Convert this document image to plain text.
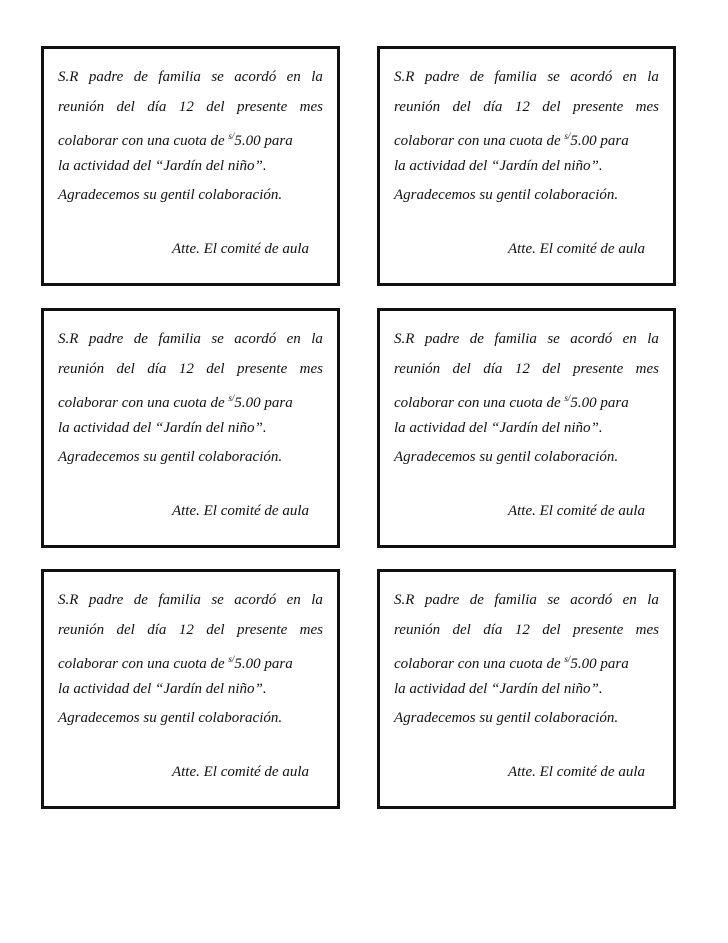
S.R padre de familia se acordó en la
reunión del día 12 del presente mes
colaborar con una cuota de $^{s/}$5.00 para
la actividad del “Jardín del niño”.
Agradecemos su gentil colaboración.
Atte. El comité de aula
S.R padre de familia se acordó en la
reunión del día 12 del presente mes
colaborar con una cuota de $^{s/}$5.00 para
la actividad del “Jardín del niño”.
Agradecemos su gentil colaboración.
Atte. El comité de aula
S.R padre de familia se acordó en la
reunión del día 12 del presente mes
colaborar con una cuota de $^{s/}$5.00 para
la actividad del “Jardín del niño”.
Agradecemos su gentil colaboración.
Atte. El comité de aula
S.R padre de familia se acordó en la
reunión del día 12 del presente mes
colaborar con una cuota de $^{s/}$5.00 para
la actividad del “Jardín del niño”.
Agradecemos su gentil colaboración.
Atte. El comité de aula
S.R padre de familia se acordó en la
reunión del día 12 del presente mes
colaborar con una cuota de $^{s/}$5.00 para
la actividad del “Jardín del niño”.
Agradecemos su gentil colaboración.
Atte. El comité de aula
S.R padre de familia se acordó en la
reunión del día 12 del presente mes
colaborar con una cuota de $^{s/}$5.00 para
la actividad del “Jardín del niño”.
Agradecemos su gentil colaboración.
Atte. El comité de aula
